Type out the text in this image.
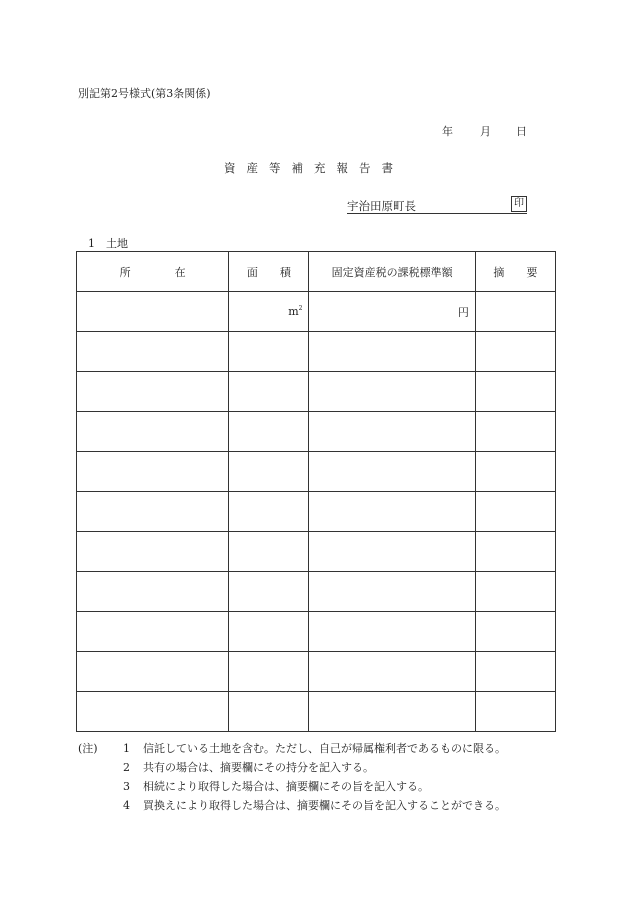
別記第2号様式(第3条関係)
年 月 日
資産等補充報告書
宇治田原町長	印
1　土地
所　　　　在	面　　積	固定資産税の課税標準額	摘　　要
	$m^2$	円	

(注) 1 信託している土地を含む。ただし、自己が帰属権利者であるものに限る。
2 共有の場合は、摘要欄にその持分を記入する。
3 相続により取得した場合は、摘要欄にその旨を記入する。
4 買換えにより取得した場合は、摘要欄にその旨を記入することができる。
